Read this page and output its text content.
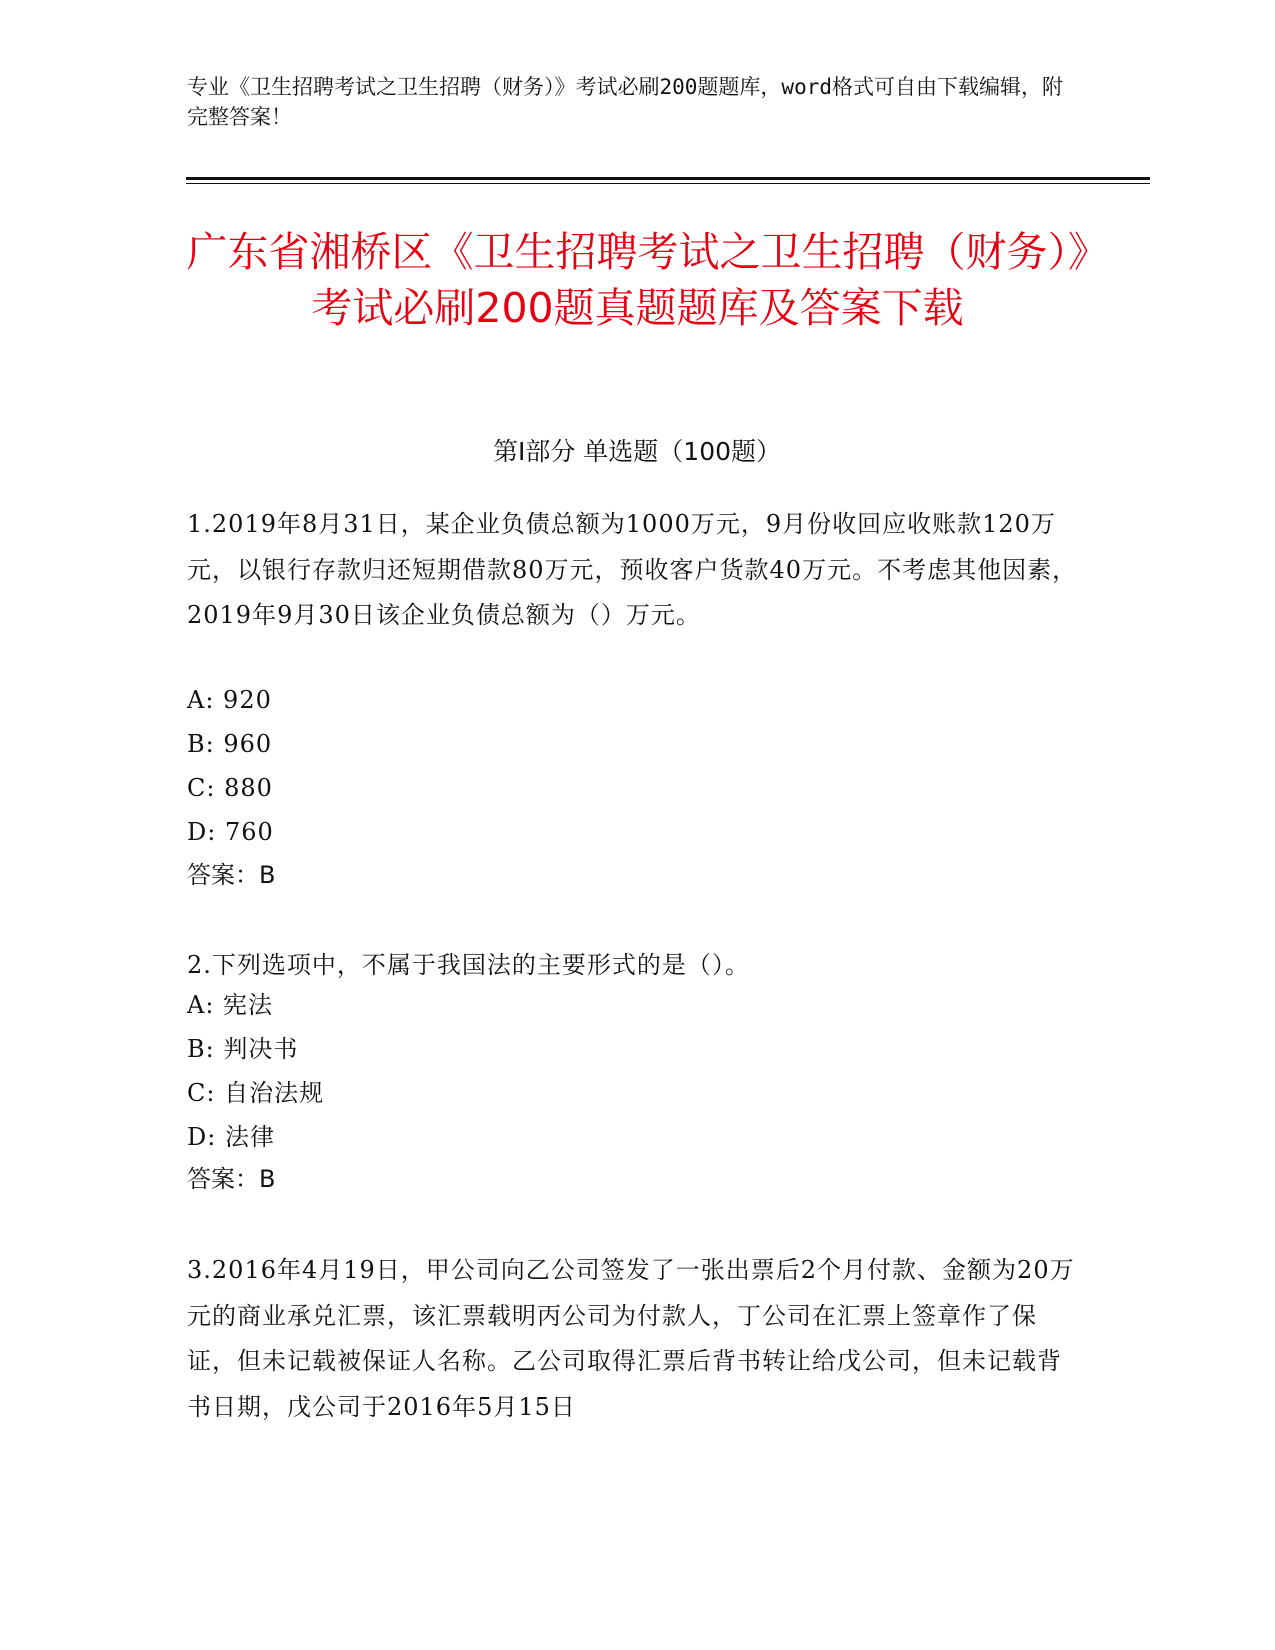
专业《卫生招聘考试之卫生招聘（财务）》考试必刷200题题库，word格式可自由下载编辑，附完整答案！
广东省湘桥区《卫生招聘考试之卫生招聘（财务）》考试必刷200题真题题库及答案下载
第I部分 单选题（100题）
1.2019年8月31日，某企业负债总额为1000万元，9月份收回应收账款120万元，以银行存款归还短期借款80万元，预收客户货款40万元。不考虑其他因素，2019年9月30日该企业负债总额为（）万元。
A: 920
B: 960
C: 880
D: 760
答案：B
2.下列选项中，不属于我国法的主要形式的是（）。
A: 宪法
B: 判决书
C: 自治法规
D: 法律
答案：B
3.2016年4月19日，甲公司向乙公司签发了一张出票后2个月付款、金额为20万元的商业承兑汇票，该汇票载明丙公司为付款人，丁公司在汇票上签章作了保证，但未记载被保证人名称。乙公司取得汇票后背书转让给戊公司，但未记载背书日期，戊公司于2016年5月15日
